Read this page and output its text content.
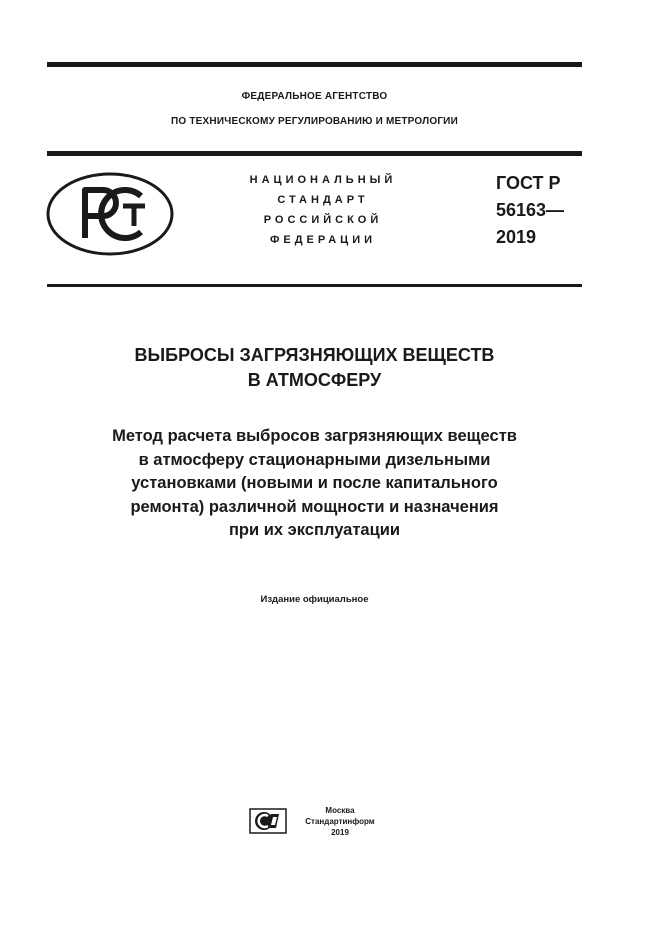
ФЕДЕРАЛЬНОЕ АГЕНТСТВО
ПО ТЕХНИЧЕСКОМУ РЕГУЛИРОВАНИЮ И МЕТРОЛОГИИ
НАЦИОНАЛЬНЫЙ
СТАНДАРТ
РОССИЙСКОЙ
ФЕДЕРАЦИИ
ГОСТ Р
56163—
2019
ВЫБРОСЫ ЗАГРЯЗНЯЮЩИХ ВЕЩЕСТВ
В АТМОСФЕРУ
Метод расчета выбросов загрязняющих веществ
в атмосферу стационарными дизельными
установками (новыми и после капитального
ремонта) различной мощности и назначения
при их эксплуатации
Издание официальное
Москва
Стандартинформ
2019
